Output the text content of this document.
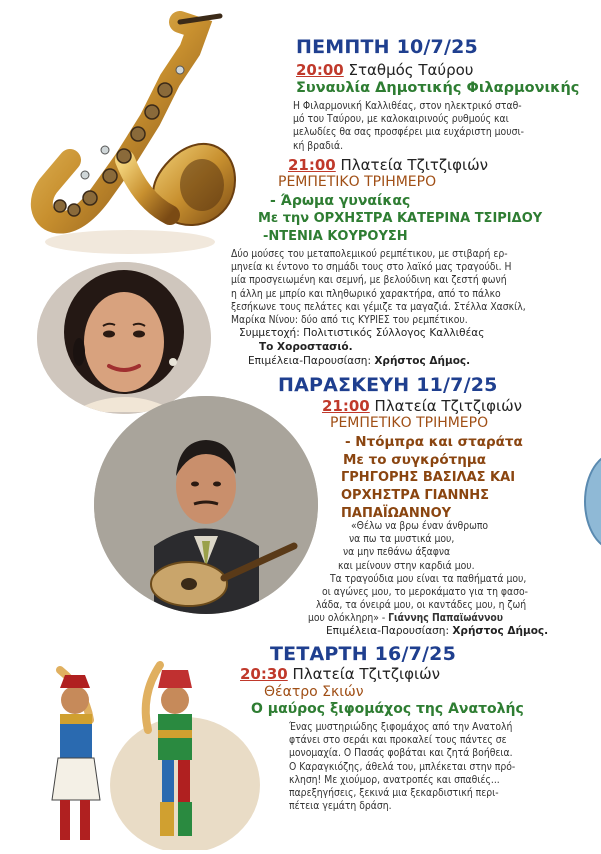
ΠΕΜΠΤΗ 10/7/25
20:00 Σταθμός Ταύρου
Συναυλία Δημοτικής Φιλαρμονικής
Η Φιλαρμονική Καλλιθέας, στον ηλεκτρικό σταθ-
μό του Ταύρου, με καλοκαιρινούς ρυθμούς και
μελωδίες θα σας προσφέρει μια ευχάριστη μουσι-
κή βραδιά.
21:00 Πλατεία Τζιτζιφιών
ΡΕΜΠΕΤΙΚΟ ΤΡΙΗΜΕΡΟ
- Άρωμα γυναίκας
Με την ΟΡΧΗΣΤΡΑ ΚΑΤΕΡΙΝΑ ΤΣΙΡΙΔΟΥ
-ΝΤΕΝΙΑ ΚΟΥΡΟΥΣΗ
Δύο μούσες του μεταπολεμικού ρεμπέτικου, με στιβαρή ερ-
μηνεία κι έντονο το σημάδι τους στο λαϊκό μας τραγούδι. Η
μία προσγειωμένη και σεμνή, με βελούδινη και ζεστή φωνή
η άλλη με μπρίο και πληθωρικό χαρακτήρα, από το πάλκο
ξεσήκωνε τους πελάτες και γέμιζε τα μαγαζιά. Στέλλα Χασκίλ,
Μαρίκα Νίνου: δύο από τις ΚΥΡΙΕΣ του ρεμπέτικου.
Συμμετοχή: Πολιτιστικός Σύλλογος Καλλιθέας
Το Χοροστασιό.
Επιμέλεια-Παρουσίαση: Χρήστος Δήμος.
ΠΑΡΑΣΚΕΥΗ 11/7/25
21:00 Πλατεία Τζιτζιφιών
ΡΕΜΠΕΤΙΚΟ ΤΡΙΗΜΕΡΟ
- Ντόμπρα και σταράτα
Με το συγκρότημα
ΓΡΗΓΟΡΗΣ ΒΑΣΙΛΑΣ ΚΑΙ
ΟΡΧΗΣΤΡΑ ΓΙΑΝΝΗΣ
ΠΑΠΑΪΩΑΝΝΟΥ
«Θέλω να βρω έναν άνθρωπο
να πω τα μυστικά μου,
να μην πεθάνω άξαφνα
και μείνουν στην καρδιά μου.
Τα τραγούδια μου είναι τα παθήματά μου,
οι αγώνες μου, το μεροκάματο για τη φασο-
λάδα, τα όνειρά μου, οι καντάδες μου, η ζωή
μου ολόκληρη» - Γιάννης Παπαϊωάννου
Επιμέλεια-Παρουσίαση: Χρήστος Δήμος.
ΤΕΤΑΡΤΗ 16/7/25
20:30 Πλατεία Τζιτζιφιών
Θέατρο Σκιών
Ο μαύρος ξιφομάχος της Ανατολής
Ένας μυστηριώδης ξιφομάχος από την Ανατολή
φτάνει στο σεράι και προκαλεί τους πάντες σε
μονομαχία. Ο Πασάς φοβάται και ζητά βοήθεια.
Ο Καραγκιόζης, άθελά του, μπλέκεται στην πρό-
κληση! Με χιούμορ, ανατροπές και σπαθιές...
παρεξηγήσεις, ξεκινά μια ξεκαρδιστική περι-
πέτεια γεμάτη δράση.
